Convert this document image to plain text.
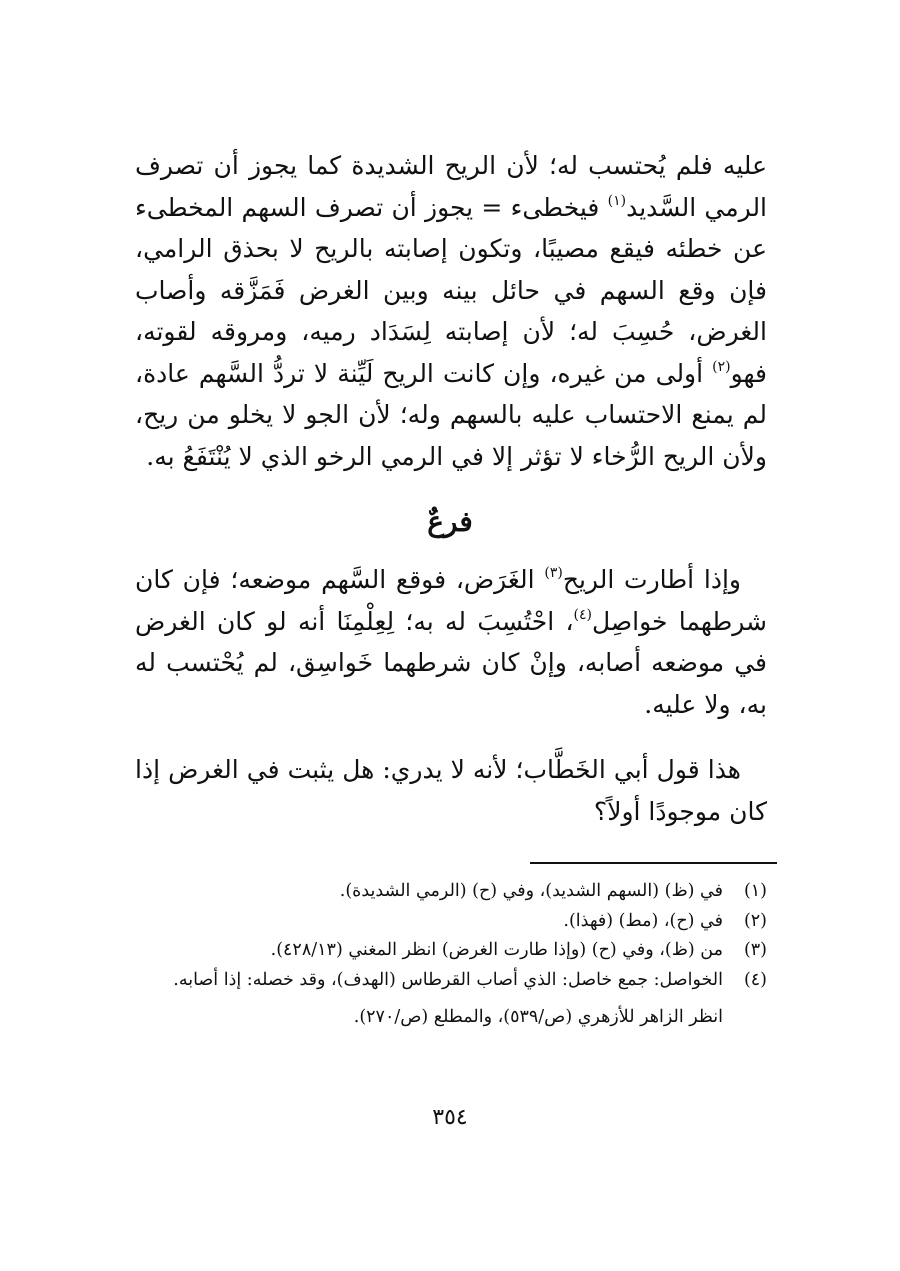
عليه فلم يُحتسب له؛ لأن الريح الشديدة كما يجوز أن تصرف الرمي السَّديد$^{(١)}$ فيخطىء = يجوز أن تصرف السهم المخطىء عن خطئه فيقع مصيبًا، وتكون إصابته بالريح لا بحذق الرامي، فإن وقع السهم في حائل بينه وبين الغرض فَمَزَّقه وأصاب الغرض، حُسِبَ له؛ لأن إصابته لِسَدَاد رميه، ومروقه لقوته، فهو$^{(٢)}$ أولى من غيره، وإن كانت الريح لَيِّنة لا تردُّ السَّهم عادة، لم يمنع الاحتساب عليه بالسهم وله؛ لأن الجو لا يخلو من ريح، ولأن الريح الرُّخاء لا تؤثر إلا في الرمي الرخو الذي لا يُنْتَفَعُ به.

فرعٌ

وإذا أطارت الريح$^{(٣)}$ الغَرَض، فوقع السَّهم موضعه؛ فإن كان شرطهما خواصِل$^{(٤)}$، احْتُسِبَ له به؛ لِعِلْمِنَا أنه لو كان الغرض في موضعه أصابه، وإنْ كان شرطهما خَواسِق، لم يُحْتسب له به، ولا عليه.

هذا قول أبي الخَطَّاب؛ لأنه لا يدري: هل يثبت في الغرض إذا كان موجودًا أولاً؟

(١)
في (ظ) (السهم الشديد)، وفي (ح) (الرمي الشديدة).
(٢)
في (ح)، (مط) (فهذا).
(٣)
من (ظ)، وفي (ح) (وإذا طارت الغرض) انظر المغني (٤٢٨/١٣).
(٤)
الخواصل: جمع خاصل: الذي أصاب القرطاس (الهدف)، وقد خصله: إذا أصابه.
انظر الزاهر للأزهري (ص/٥٣٩)، والمطلع (ص/٢٧٠).
٣٥٤
